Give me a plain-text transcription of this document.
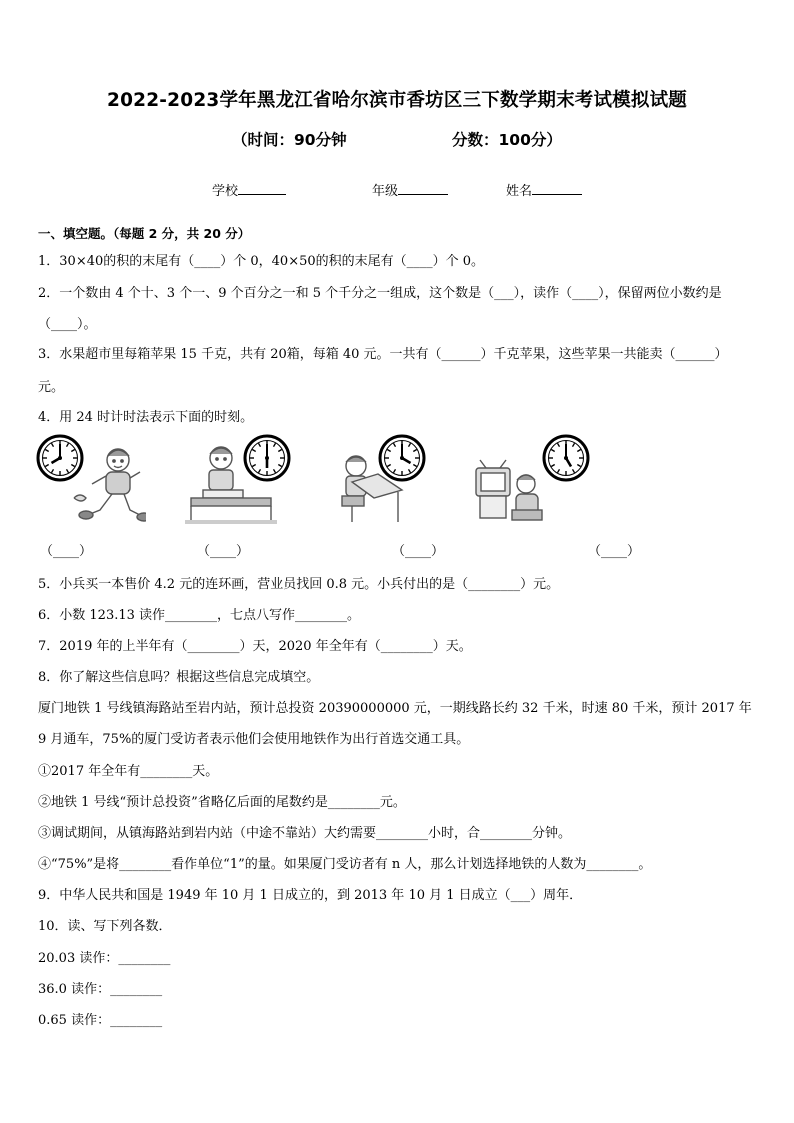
2022-2023学年黑龙江省哈尔滨市香坊区三下数学期末考试模拟试题
（时间：90分钟	分数：100分）
学校	年级	姓名
一、填空题。（每题 2 分，共 20 分）
1．30×40的积的末尾有（____）个 0，40×50的积的末尾有（____）个 0。
2．一个数由 4 个十、3 个一、9 个百分之一和 5 个千分之一组成，这个数是（___），读作（____），保留两位小数约是
（____）。
3．水果超市里每箱苹果 15 千克，共有 20箱，每箱 40 元。一共有（______）千克苹果，这些苹果一共能卖（______）
元。
4．用 24 时计时法表示下面的时刻。
（____）	（____）	（____）	（____）
5．小兵买一本售价 4.2 元的连环画，营业员找回 0.8 元。小兵付出的是（________）元。
6．小数 123.13 读作________，七点八写作________。
7．2019 年的上半年有（________）天，2020 年全年有（________）天。
8．你了解这些信息吗？根据这些信息完成填空。
厦门地铁 1 号线镇海路站至岩内站，预计总投资 20390000000 元，一期线路长约 32 千米，时速 80 千米，预计 2017 年
9 月通车，75%的厦门受访者表示他们会使用地铁作为出行首选交通工具。
①2017 年全年有________天。
②地铁 1 号线“预计总投资”省略亿后面的尾数约是________元。
③调试期间，从镇海路站到岩内站（中途不靠站）大约需要________小时，合________分钟。
④“75%”是将________看作单位“1”的量。如果厦门受访者有 n 人，那么计划选择地铁的人数为________。
9．中华人民共和国是 1949 年 10 月 1 日成立的，到 2013 年 10 月 1 日成立（___）周年．
10．读、写下列各数．
20.03 读作：________
36.0 读作：________
0.65 读作：________
